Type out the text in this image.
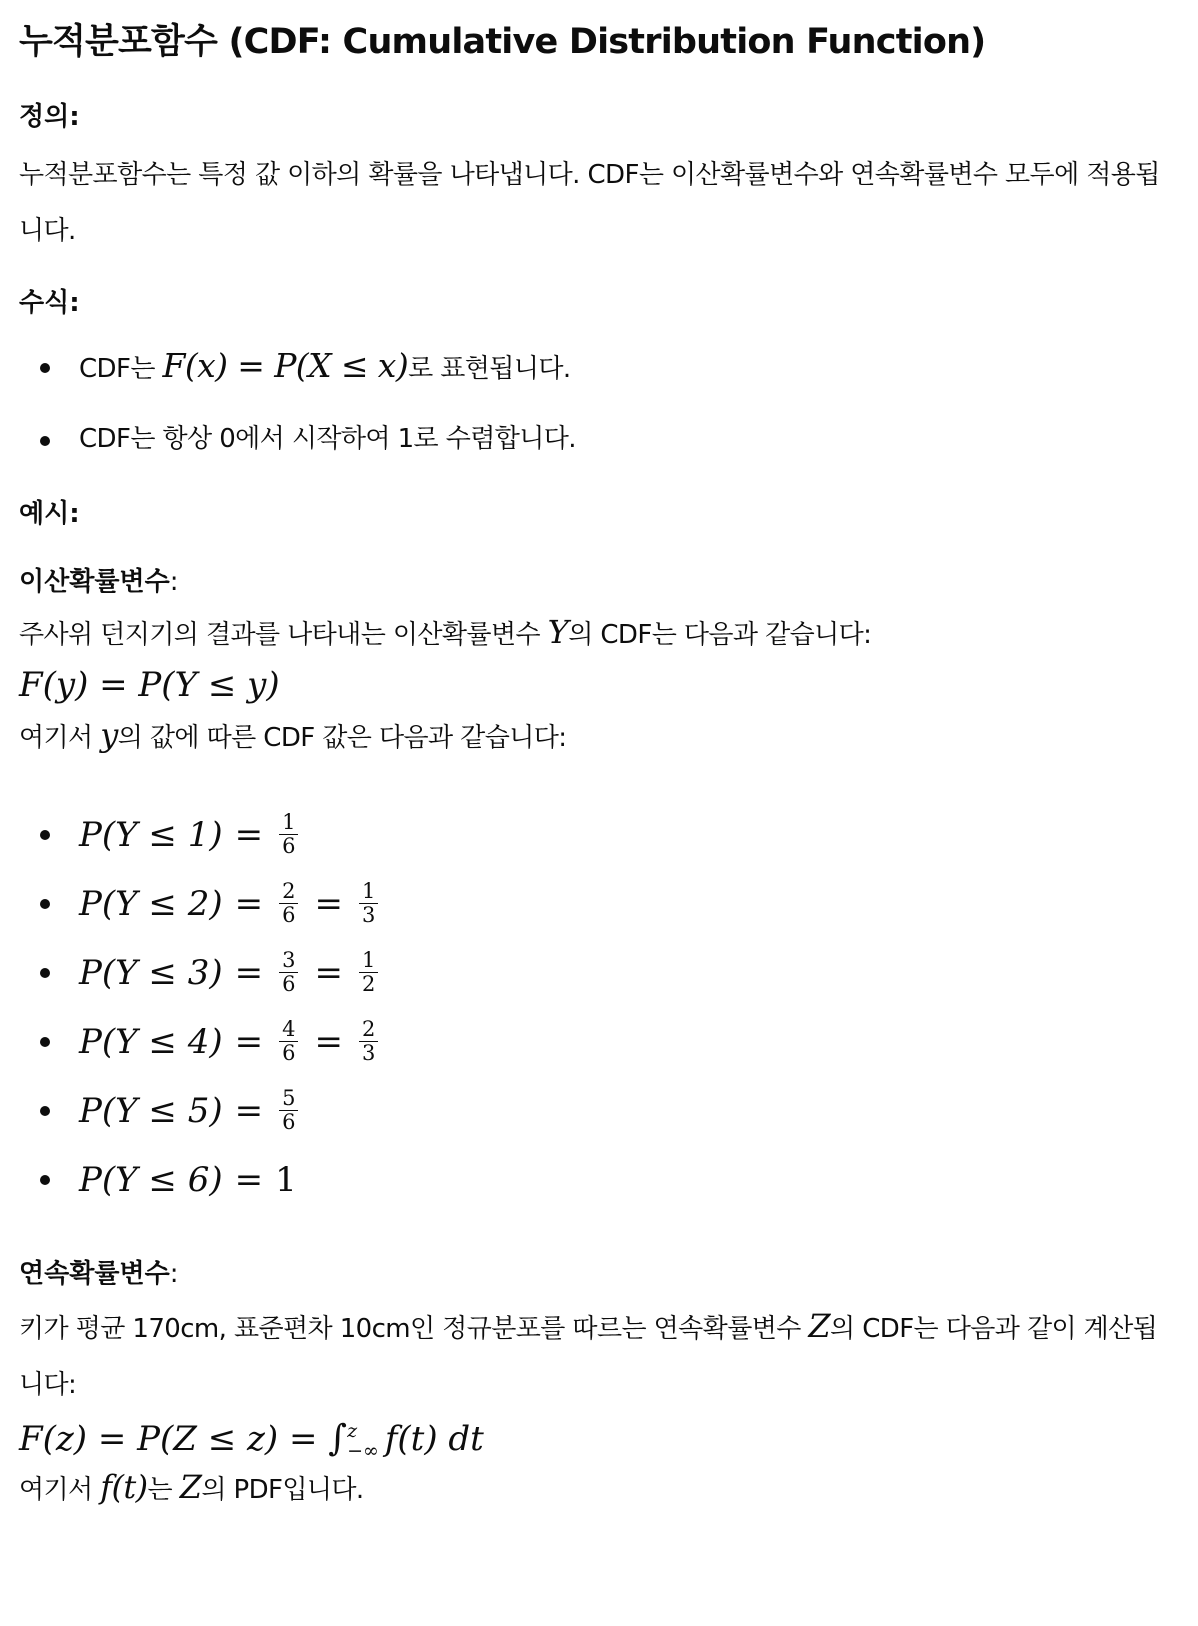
누적분포함수 (CDF: Cumulative Distribution Function)
정의:

누적분포함수는 특정 값 이하의 확률을 나타냅니다. CDF는 이산확률변수와 연속확률변수 모두에 적용됩니다.

수식:
CDF는 F(x) = P(X ≤ x)로 표현됩니다.
CDF는 항상 0에서 시작하여 1로 수렴합니다.
예시:
이산확률변수:

주사위 던지기의 결과를 나타내는 이산확률변수 Y의 CDF는 다음과 같습니다:

F(y) = P(Y ≤ y)

여기서 y의 값에 따른 CDF 값은 다음과 같습니다:

$P(Y \le 1) = \frac{1}{6}$
$P(Y \le 2) = \frac{2}{6} = \frac{1}{3}$
$P(Y \le 3) = \frac{3}{6} = \frac{1}{2}$
$P(Y \le 4) = \frac{4}{6} = \frac{2}{3}$
$P(Y \le 5) = \frac{5}{6}$
P(Y ≤ 6) = 1
연속확률변수:

키가 평균 170cm, 표준편차 10cm인 정규분포를 따르는 연속확률변수 Z의 CDF는 다음과 같이 계산됩니다:

F(z) = P(Z ≤ z) = ∫ z
−∞ f(t) dt

여기서 f(t)는 Z의 PDF입니다.
